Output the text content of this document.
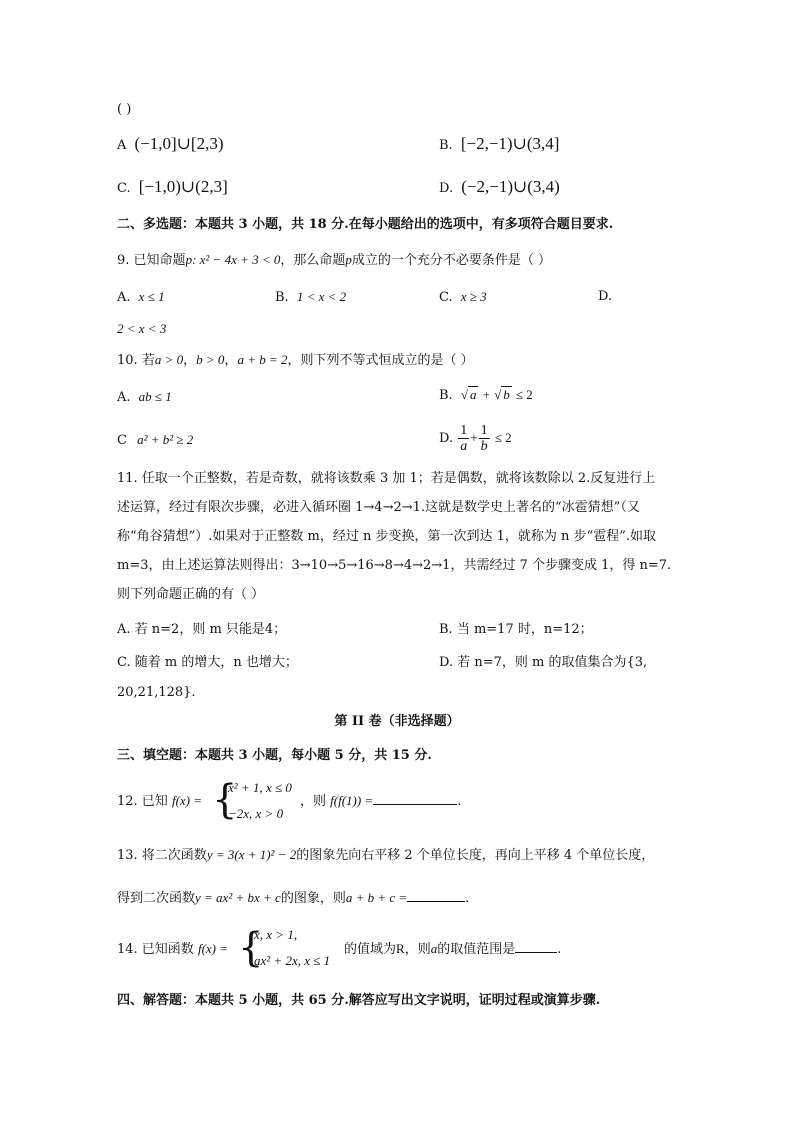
( )
A (−1,0]∪[2,3)	B. [−2,−1)∪(3,4]
C. [−1,0)∪(2,3]	D. (−2,−1)∪(3,4)
二、多选题：本题共 3 小题，共 18 分.在每小题给出的选项中，有多项符合题目要求.
9. 已知命题p: x² − 4x + 3 < 0，那么命题p成立的一个充分不必要条件是（ ）
A. x ≤ 1	B. 1 < x < 2	C. x ≥ 3	D.
2 < x < 3
10. 若a > 0，b > 0，a + b = 2，则下列不等式恒成立的是（ ）
A. ab ≤ 1	B. √ a + √ b ≤ 2
C a² + b² ≥ 2	D. $\frac{1}{a} + \frac{1}{b} \le 2$
11. 任取一个正整数，若是奇数，就将该数乘 3 加 1；若是偶数，就将该数除以 2.反复进行上
述运算，经过有限次步骤，必进入循环圈 1→4→2→1.这就是数学史上著名的“冰雹猜想”（又
称“角谷猜想”）.如果对于正整数 m，经过 n 步变换，第一次到达 1，就称为 n 步“雹程”.如取
m=3，由上述运算法则得出：3→10→5→16→8→4→2→1，共需经过 7 个步骤变成 1，得 n=7.
则下列命题正确的有（ ）
A. 若 n=2，则 m 只能是4；	B. 当 m=17 时，n=12；
C. 随着 m 的增大，n 也增大；	D. 若 n=7，则 m 的取值集合为{3,
20,21,128}.
第 II 卷（非选择题）
三、填空题：本题共 3 小题，每小题 5 分，共 15 分.
12. 已知 f(x) = {
x² + 1, x ≤ 0
−2x, x > 0
，则 f(f(1)) =	.
13. 将二次函数y = 3(x + 1)² − 2的图象先向右平移 2 个单位长度，再向上平移 4 个单位长度，
得到二次函数y = ax² + bx + c的图象，则a + b + c =	.
14. 已知函数 f(x) = {
x, x > 1,
ax² + 2x, x ≤ 1
的值域为R，则a的取值范围是	.
四、解答题：本题共 5 小题，共 65 分.解答应写出文字说明，证明过程或演算步骤.
